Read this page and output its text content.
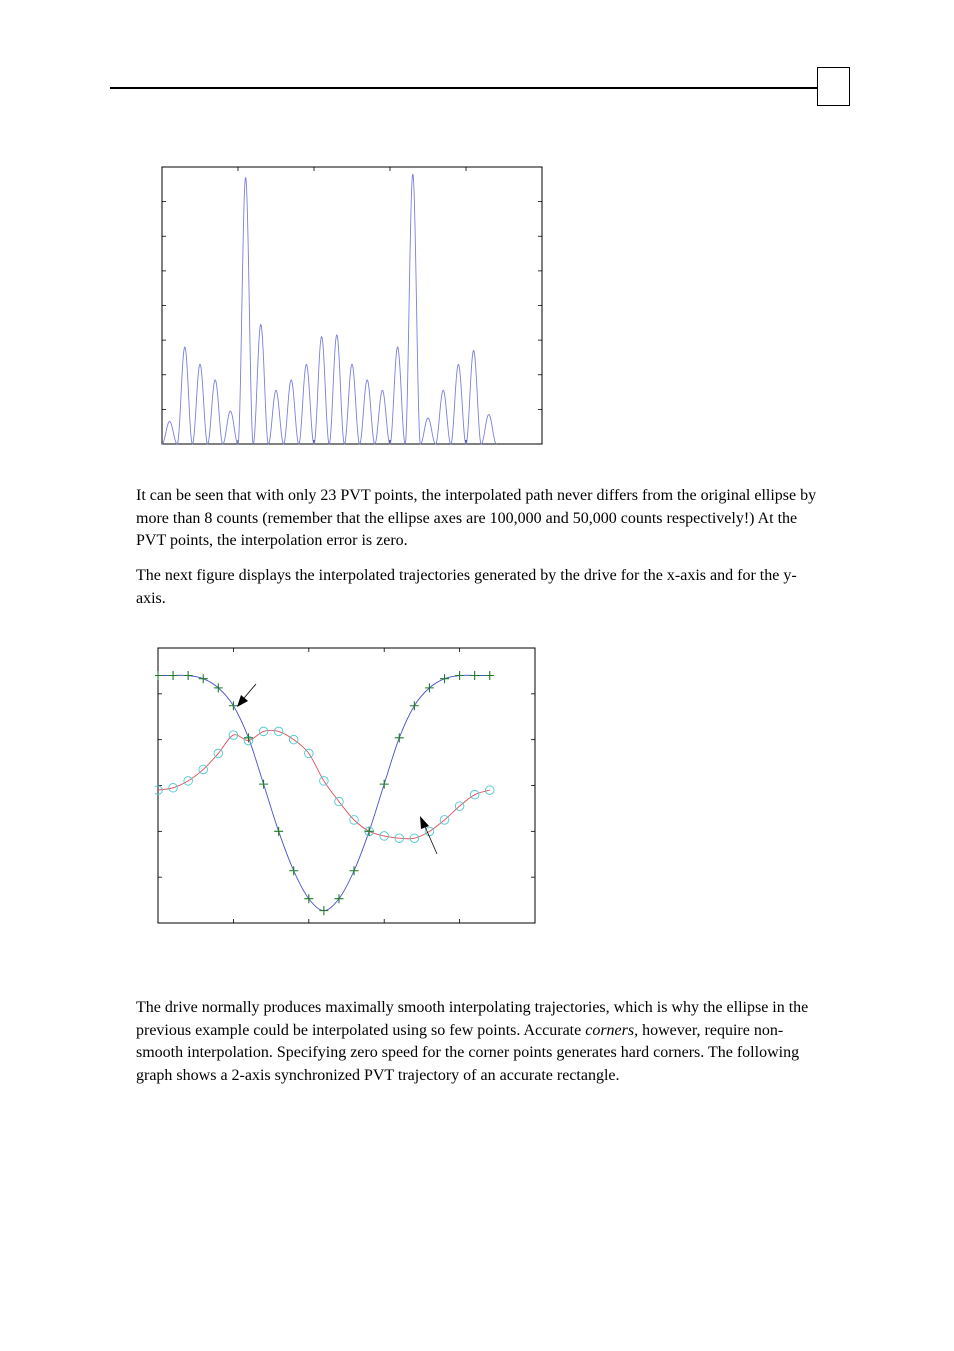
It can be seen that with only 23 PVT points, the interpolated path never differs from the original ellipse by more than 8 counts (remember that the ellipse axes are 100,000 and 50,000 counts respectively!) At the PVT points, the interpolation error is zero.

The next figure displays the interpolated trajectories generated by the drive for the x-axis and for the y-axis.

The drive normally produces maximally smooth interpolating trajectories, which is why the ellipse in the previous example could be interpolated using so few points. Accurate corners, however, require non-smooth interpolation. Specifying zero speed for the corner points generates hard corners. The following graph shows a 2-axis synchronized PVT trajectory of an accurate rectangle.
